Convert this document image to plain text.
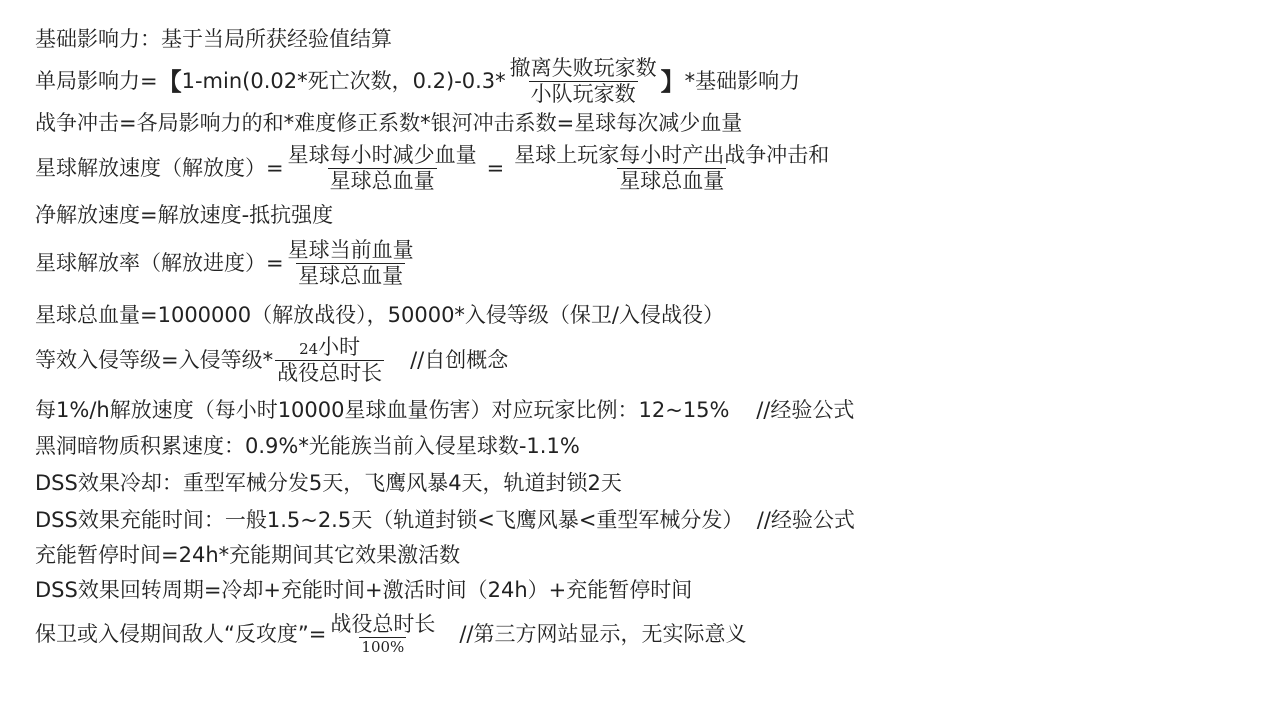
基础影响力：基于当局所获经验值结算
单局影响力= 【 1-min(0.02*死亡次数，$0.2)-0.3* \frac{\text{撤离失败玩家数}}{\text{小队玩家数}}$ 】 *基础影响力
战争冲击=各局影响力的和*难度修正系数*银河冲击系数=星球每次减少血量
星球解放速度（解放度）= $\frac{\text{星球每小时减少血量}}{\text{星球总血量}} = \frac{\text{星球上玩家每小时产出战争冲击和}}{\text{星球总血量}}$
净解放速度=解放速度-抵抗强度
星球解放率（解放进度）= $\frac{\text{星球当前血量}}{\text{星球总血量}}$
星球总血量=1000000（解放战役），50000*入侵等级（保卫/入侵战役）
等效入侵等级=入侵等级* $\frac{\text{24小时}}{\text{战役总时长}}$ //自创概念
每1%/h解放速度（每小时10000星球血量伤害）对应玩家比例：12~15%    //经验公式
黑洞暗物质积累速度：0.9%*光能族当前入侵星球数-1.1%
DSS效果冷却：重型军械分发5天，飞鹰风暴4天，轨道封锁2天
DSS效果充能时间：一般1.5~2.5天（轨道封锁<飞鹰风暴<重型军械分发）  //经验公式
充能暂停时间=24h*充能期间其它效果激活数
DSS效果回转周期=冷却+充能时间+激活时间（24h）+充能暂停时间
保卫或入侵期间敌人“反攻度”= $\frac{\text{战役总时长}}{100\%}$ //第三方网站显示，无实际意义
